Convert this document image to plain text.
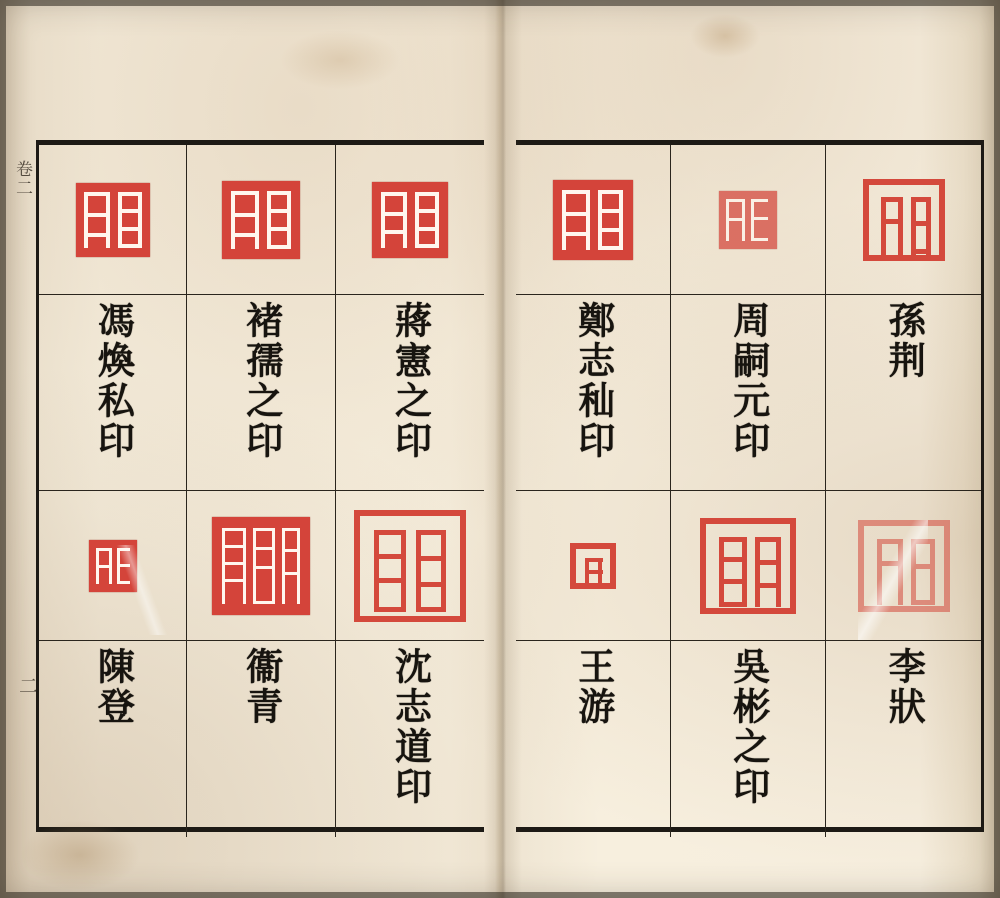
卷二
二
馮煥私印	褚孺之印	蔣憲之印
陳登	衞青	沈志道印
鄭志秈印	周嗣元印	孫荆
王游	吳彬之印	李狀
